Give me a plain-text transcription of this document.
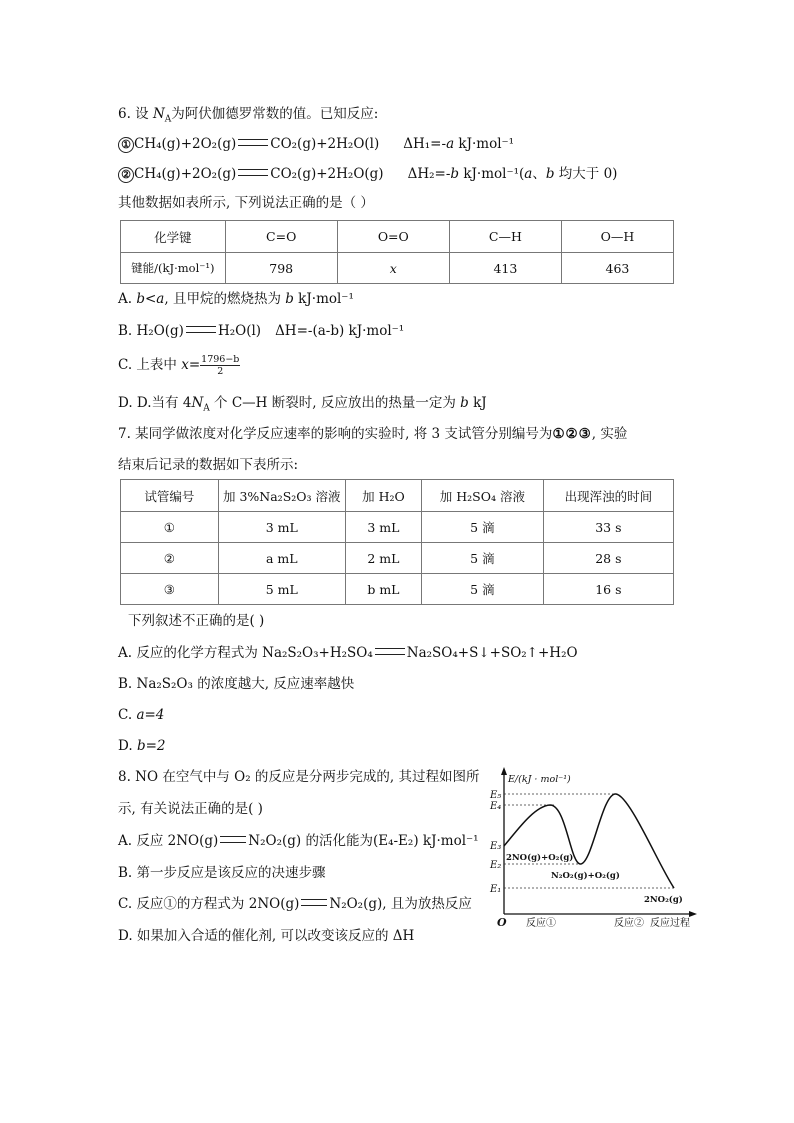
6. 设 $N_A$为阿伏伽德罗常数的值。已知反应:
① CH₄(g)+2O₂(g)	CO₂(g)+2H₂O(l) ΔH₁=-a kJ·mol⁻¹
② CH₄(g)+2O₂(g)	CO₂(g)+2H₂O(g) ΔH₂=-b kJ·mol⁻¹(a、b 均大于 0)
其他数据如表所示, 下列说法正确的是（ ）
化学键	C=O	O=O	C—H	O—H
键能/(kJ·mol⁻¹)	798	x	413	463
A. b<a, 且甲烷的燃烧热为 b kJ·mol⁻¹
B. H₂O(g)	H₂O(l) ΔH=-(a-b) kJ·mol⁻¹
C. 上表中 $x= \frac{1796-b}{2}$
D. D.当有 $4N_A$ 个 C—H 断裂时, 反应放出的热量一定为 b kJ
7. 某同学做浓度对化学反应速率的影响的实验时, 将 3 支试管分别编号为①②③, 实验
结束后记录的数据如下表所示:
试管编号	加 3%Na₂S₂O₃ 溶液	加 H₂O	加 H₂SO₄ 溶液	出现浑浊的时间
①	3 mL	3 mL	5 滴	33 s
②	a mL	2 mL	5 滴	28 s
③	5 mL	b mL	5 滴	16 s
下列叙述不正确的是( )
A. 反应的化学方程式为 Na₂S₂O₃+H₂SO₄	Na₂SO₄+S↓+SO₂↑+H₂O
B. Na₂S₂O₃ 的浓度越大, 反应速率越快
C. a=4
D. b=2
8. NO 在空气中与 O₂ 的反应是分两步完成的, 其过程如图所
示, 有关说法正确的是( )
A. 反应 2NO(g) N₂O₂(g) 的活化能为(E₄-E₂) kJ·mol⁻¹
B. 第一步反应是该反应的决速步骤
C. 反应①的方程式为 2NO(g) N₂O₂(g), 且为放热反应
D. 如果加入合适的催化剂, 可以改变该反应的 ΔH
E/(kJ · mol⁻¹)
O
E₅
E₄
E₃
E₂
E₁
2NO(g)+O₂(g)
N₂O₂(g)+O₂(g)
2NO₂(g)
反应①	反应② 反应过程
